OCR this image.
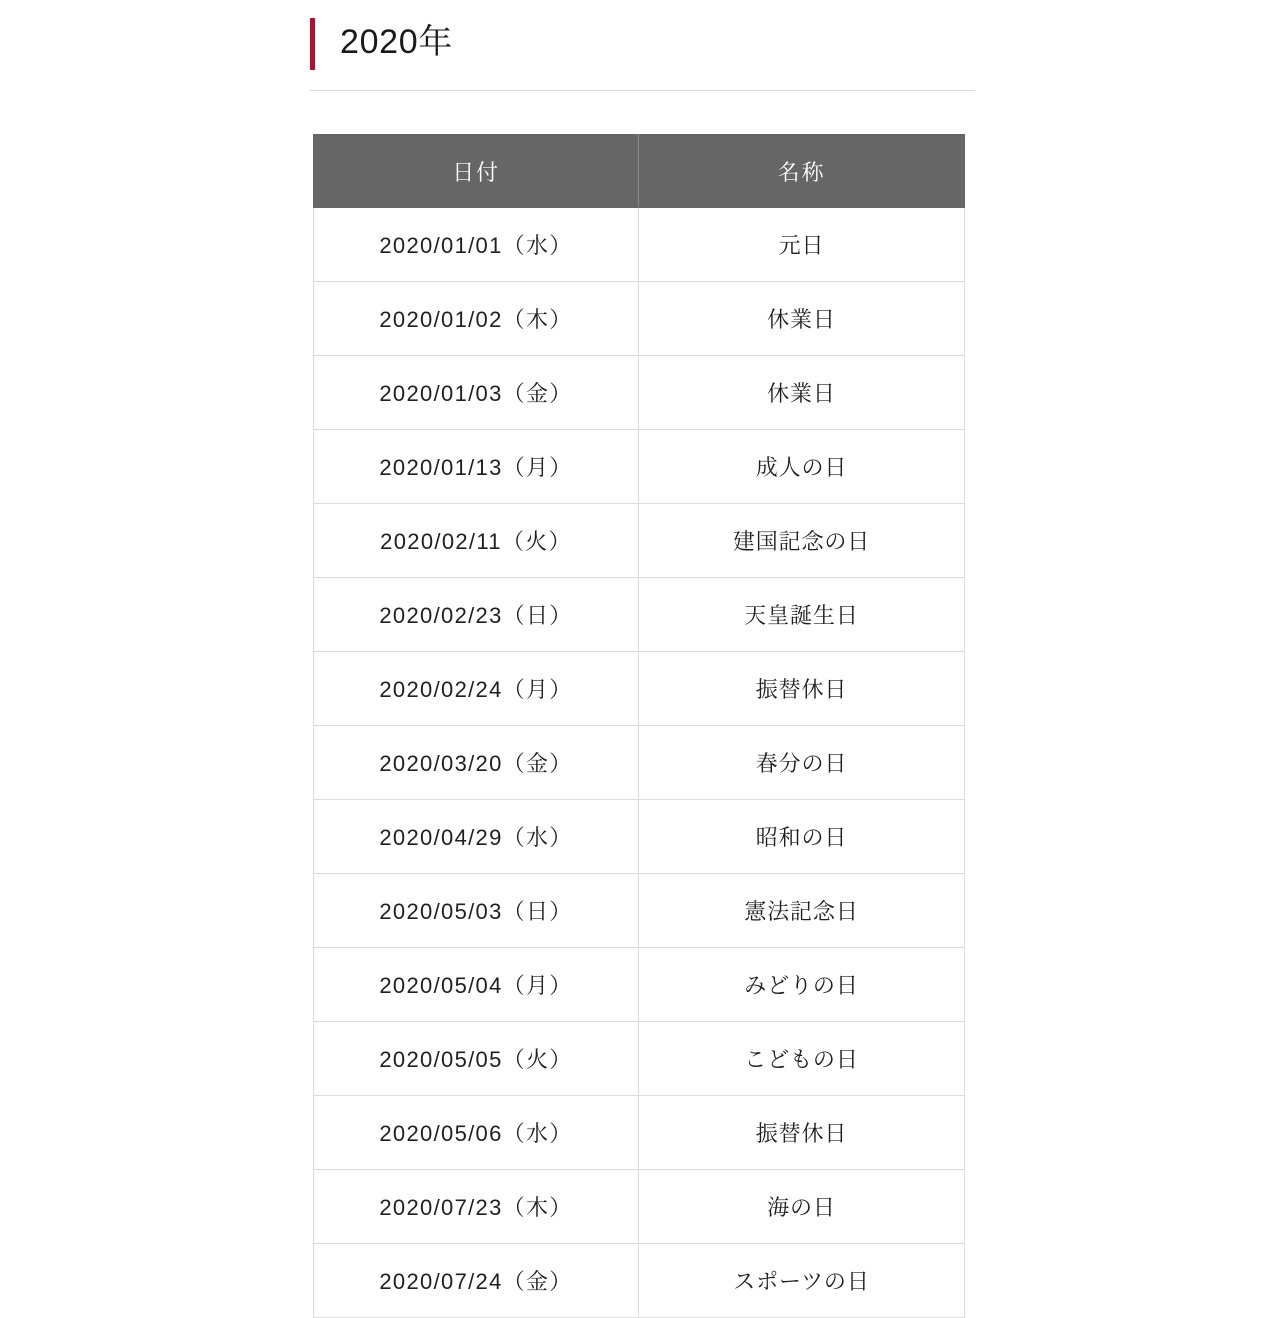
2020年
日付	名称
2020/01/01（水）	元日
2020/01/02（木）	休業日
2020/01/03（金）	休業日
2020/01/13（月）	成人の日
2020/02/11（火）	建国記念の日
2020/02/23（日）	天皇誕生日
2020/02/24（月）	振替休日
2020/03/20（金）	春分の日
2020/04/29（水）	昭和の日
2020/05/03（日）	憲法記念日
2020/05/04（月）	みどりの日
2020/05/05（火）	こどもの日
2020/05/06（水）	振替休日
2020/07/23（木）	海の日
2020/07/24（金）	スポーツの日
